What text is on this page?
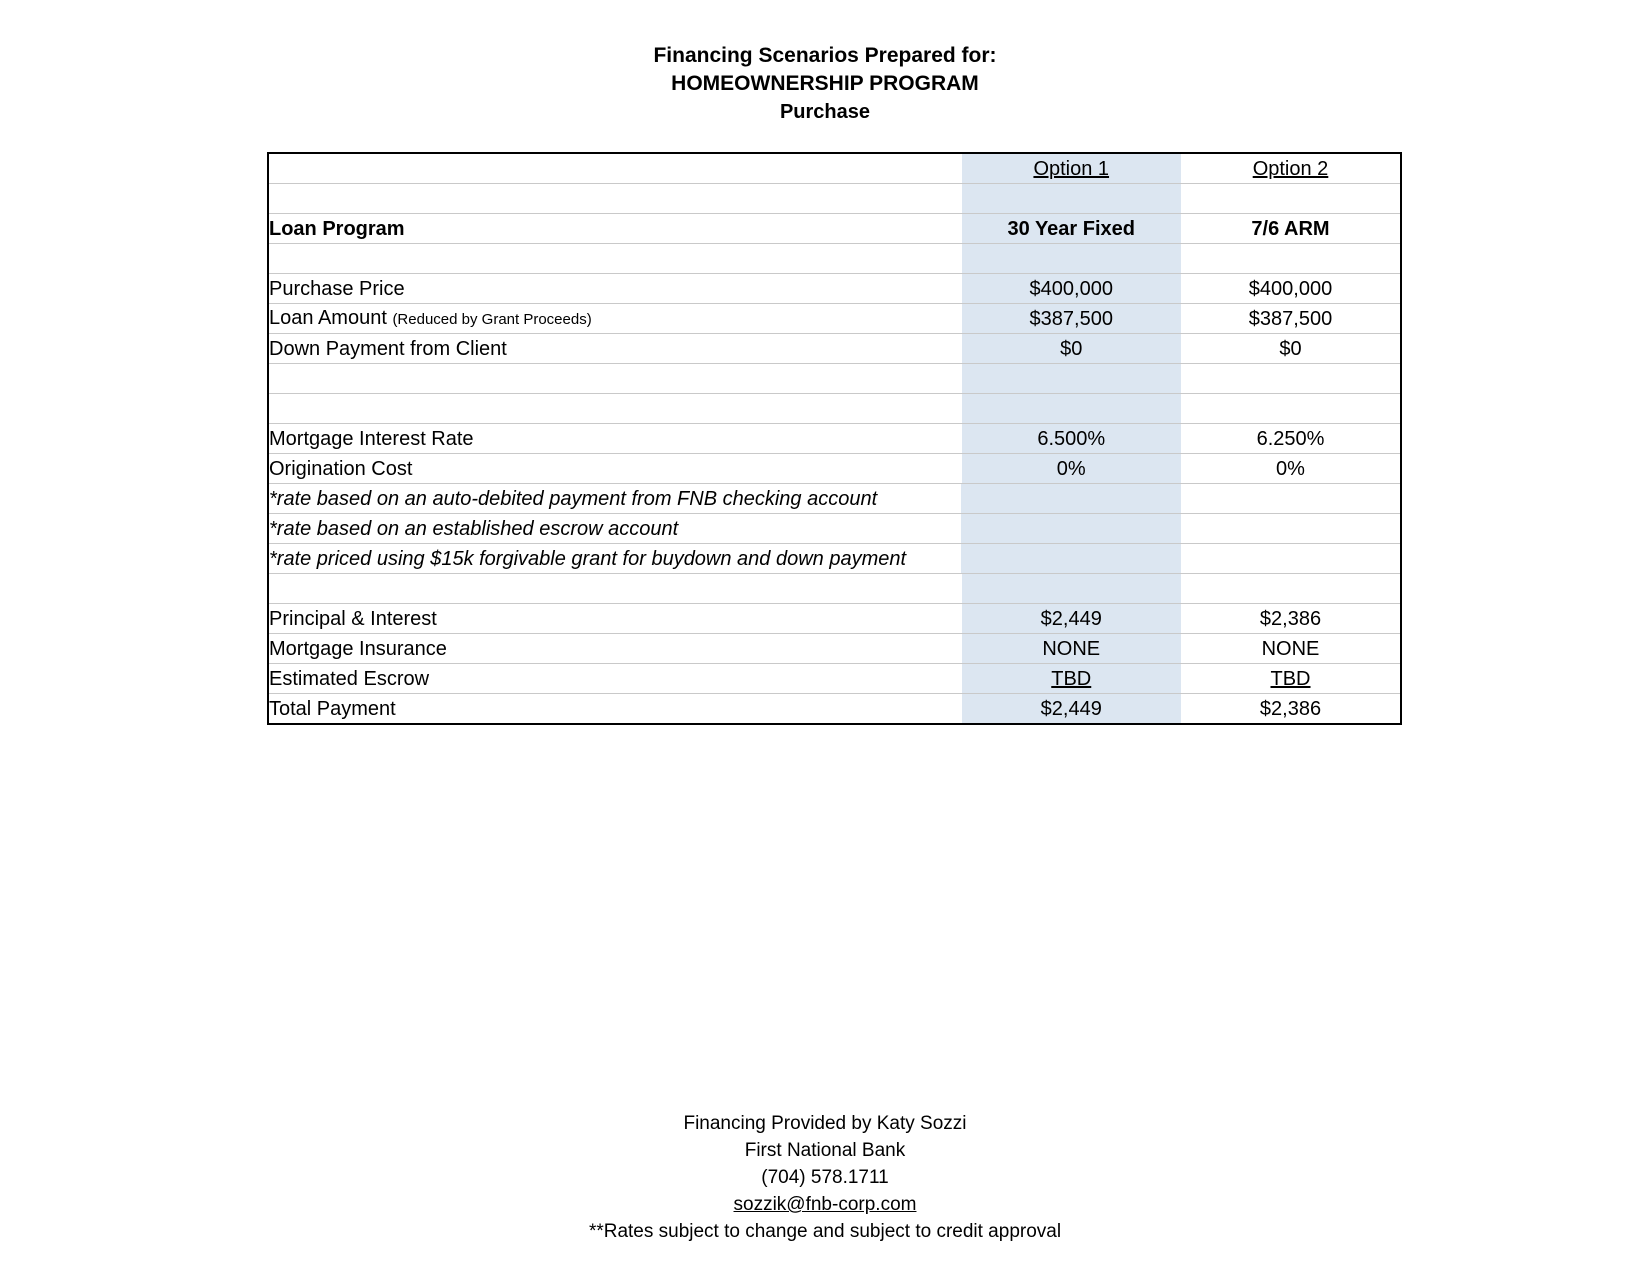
Financing Scenarios Prepared for:
HOMEOWNERSHIP PROGRAM
Purchase
	Option 1	Option 2

Loan Program	30 Year Fixed	7/6 ARM

Purchase Price	$400,000	$400,000
Loan Amount (Reduced by Grant Proceeds)	$387,500	$387,500
Down Payment from Client	$0	$0

Mortgage Interest Rate	6.500%	6.250%
Origination Cost	0%	0%
*rate based on an auto-debited payment from FNB checking account		
*rate based on an established escrow account		
*rate priced using $15k forgivable grant for buydown and down payment		

Principal & Interest	$2,449	$2,386
Mortgage Insurance	NONE	NONE
Estimated Escrow	TBD	TBD
Total Payment	$2,449	$2,386
Financing Provided by Katy Sozzi
First National Bank
(704) 578.1711
sozzik@fnb-corp.com
**Rates subject to change and subject to credit approval
